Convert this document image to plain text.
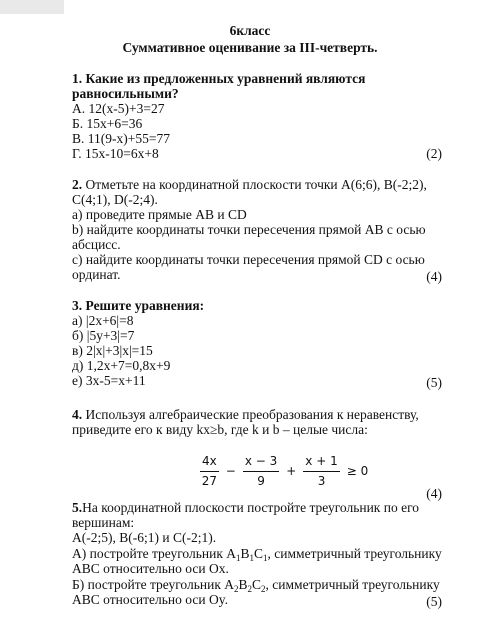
6класс
Суммативное оценивание за III-четверть.
1. Какие из предложенных уравнений являются
равносильными?
А. 12(x-5)+3=27
Б. 15x+6=36
В. 11(9-x)+55=77
Г. 15x-10=6x+8	(2)
2. Отметьте на координатной плоскости точки A(6;6), B(-2;2),
C(4;1), D(-2;4).
а) проведите прямые AB и CD
b) найдите координаты точки пересечения прямой AB с осью
абсцисс.
c) найдите координаты точки пересечения прямой CD с осью
ординат.	(4)
3. Решите уравнения:
а) |2x+6|=8
б) |5y+3|=7
в) 2|x|+3|x|=15
д) 1,2x+7=0,8x+9
е) 3x-5=x+11	(5)
4. Используя алгебраические преобразования к неравенству,
приведите его к виду kx≥b, где k и b – целые числа:
$\frac{4x}{27} - \frac{x - 3}{9} + \frac{x + 1}{3} \ge 0$
(4)
5.На координатной плоскости постройте треугольник по его
вершинам:
A(-2;5), B(-6;1) и C(-2;1).
А) постройте треугольник $A_1B_1C_1$, симметричный треугольнику
ABC относительно оси Ox.
Б) постройте треугольник $A_2B_2C_2$, симметричный треугольнику
ABC относительно оси Oy.	(5)
